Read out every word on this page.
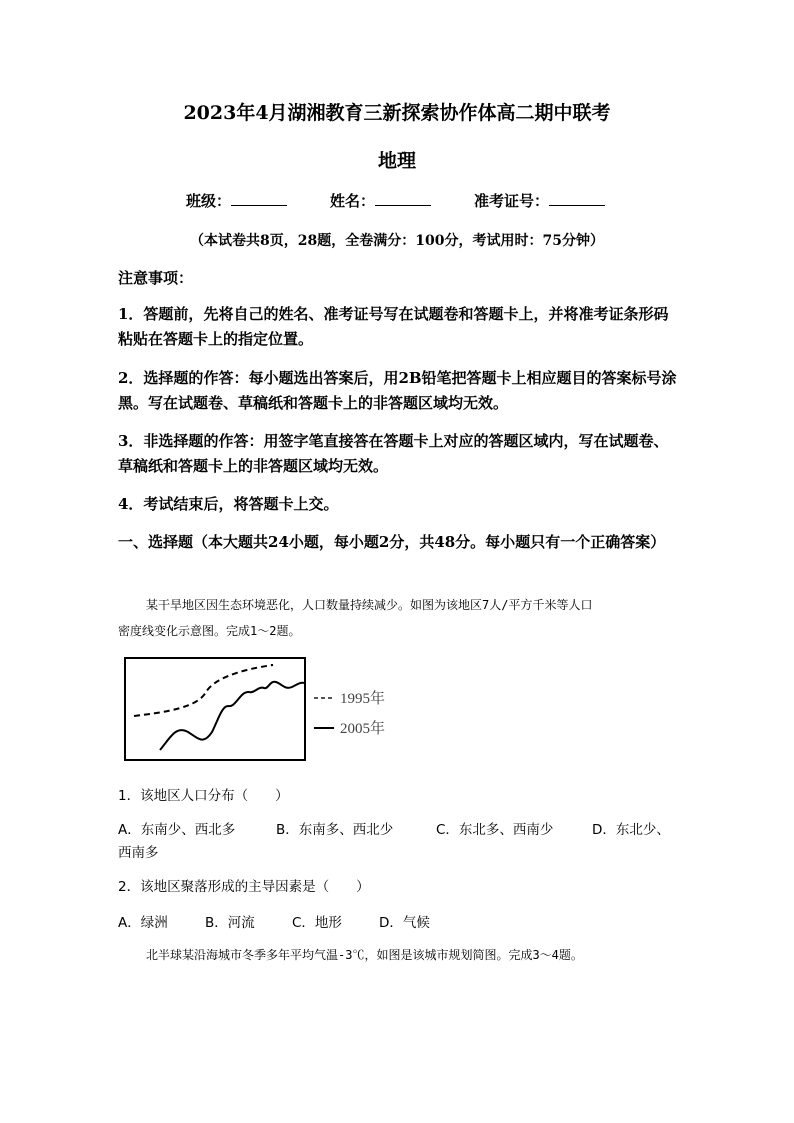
2023年4月湖湘教育三新探索协作体高二期中联考
地理
班级：	姓名：	准考证号：
（本试卷共8页，28题，全卷满分：100分，考试用时：75分钟）
注意事项：
1．答题前，先将自己的姓名、准考证号写在试题卷和答题卡上，并将准考证条形码粘贴在答题卡上的指定位置。
2．选择题的作答：每小题选出答案后，用2B铅笔把答题卡上相应题目的答案标号涂黑。写在试题卷、草稿纸和答题卡上的非答题区域均无效。
3．非选择题的作答：用签字笔直接答在答题卡上对应的答题区域内，写在试题卷、草稿纸和答题卡上的非答题区域均无效。
4．考试结束后，将答题卡上交。
一、选择题（本大题共24小题，每小题2分，共48分。每小题只有一个正确答案）
某干旱地区因生态环境恶化，人口数量持续减少。如图为该地区7人/平方千米等人口
密度线变化示意图。完成1～2题。
1995年
2005年
1．该地区人口分布（　　）
A．东南少、西北多	B．东南多、西北少	C．东北多、西南少	D．东北少、西南多
2．该地区聚落形成的主导因素是（　　）
A．绿洲	B．河流	C．地形	D．气候
北半球某沿海城市冬季多年平均气温-3℃，如图是该城市规划简图。完成3～4题。
